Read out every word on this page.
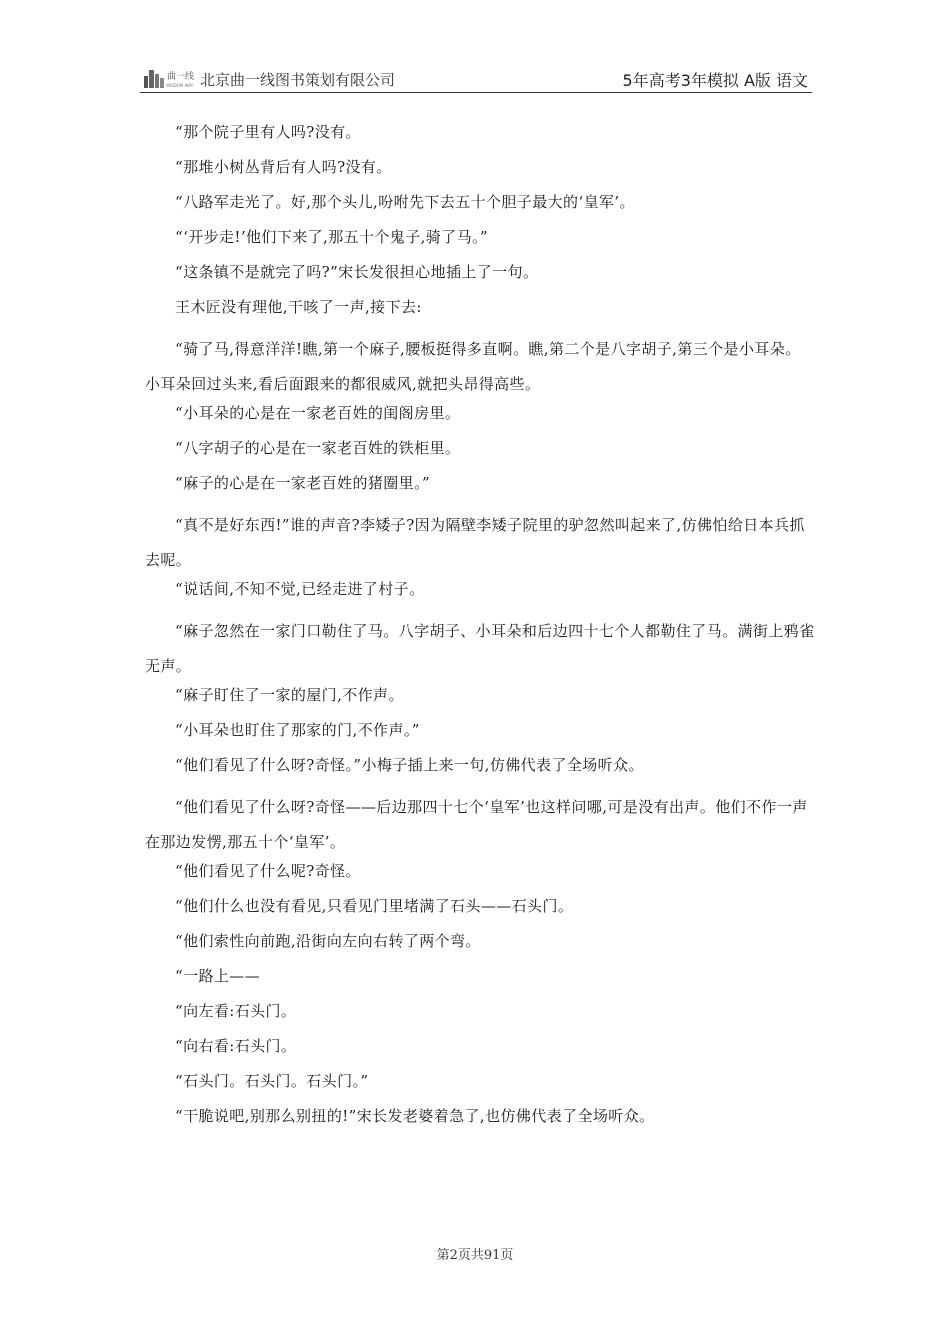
曲一线
WISDOM WAY 北京曲一线图书策划有限公司	5年高考3年模拟 A版 语文

“那个院子里有人吗?没有。

“那堆小树丛背后有人吗?没有。

“八路军走光了。好,那个头儿,吩咐先下去五十个胆子最大的‘皇军’。

“‘开步走!’他们下来了,那五十个鬼子,骑了马。”

“这条镇不是就完了吗?”宋长发很担心地插上了一句。

王木匠没有理他,干咳了一声,接下去:

“骑了马,得意洋洋!瞧,第一个麻子,腰板挺得多直啊。瞧,第二个是八字胡子,第三个是小耳朵。小耳朵回过头来,看后面跟来的都很威风,就把头昂得高些。

“小耳朵的心是在一家老百姓的闺阁房里。

“八字胡子的心是在一家老百姓的铁柜里。

“麻子的心是在一家老百姓的猪圈里。”

“真不是好东西!”谁的声音?李矮子?因为隔壁李矮子院里的驴忽然叫起来了,仿佛怕给日本兵抓去呢。

“说话间,不知不觉,已经走进了村子。

“麻子忽然在一家门口勒住了马。八字胡子、小耳朵和后边四十七个人都勒住了马。满街上鸦雀无声。

“麻子盯住了一家的屋门,不作声。

“小耳朵也盯住了那家的门,不作声。”

“他们看见了什么呀?奇怪。”小梅子插上来一句,仿佛代表了全场听众。

“他们看见了什么呀?奇怪——后边那四十七个‘皇军’也这样问哪,可是没有出声。他们不作一声在那边发愣,那五十个‘皇军’。

“他们看见了什么呢?奇怪。

“他们什么也没有看见,只看见门里堵满了石头——石头门。

“他们索性向前跑,沿街向左向右转了两个弯。

“一路上——

“向左看:石头门。

“向右看:石头门。

“石头门。石头门。石头门。”

“干脆说吧,别那么别扭的!”宋长发老婆着急了,也仿佛代表了全场听众。

第2页共91页
